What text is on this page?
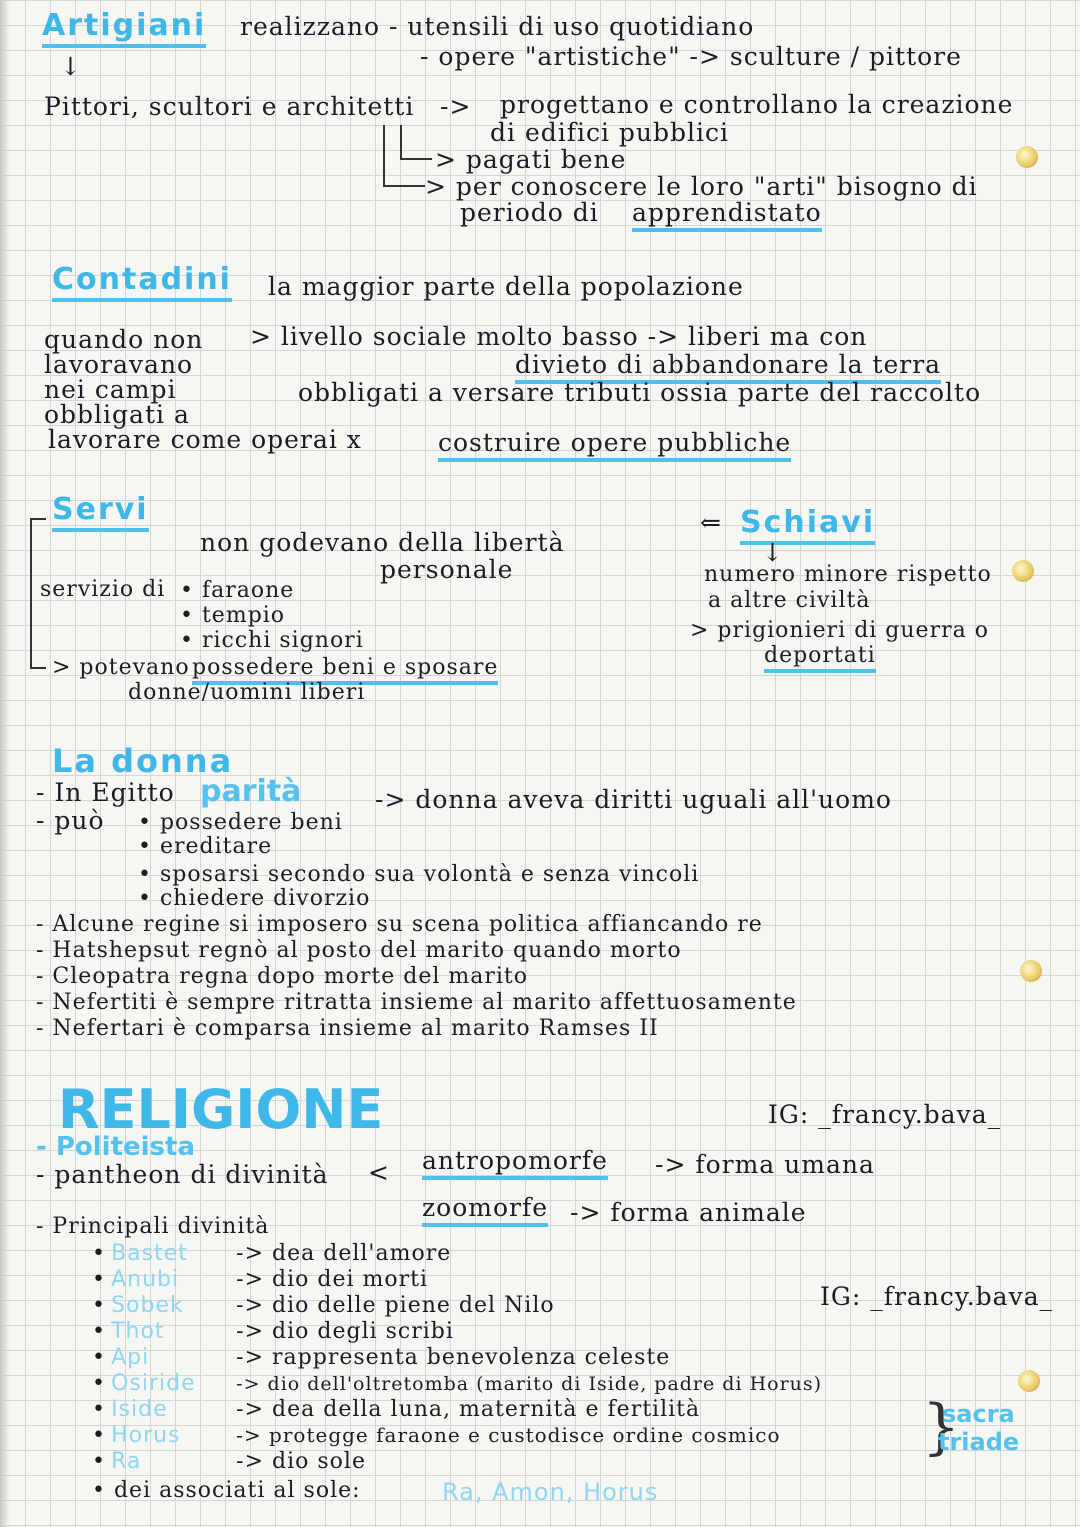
Artigiani realizzano - utensili di uso quotidiano
- opere "artistiche" -> sculture / pittore
↓
Pittori, scultori e architetti -> progettano e controllano la creazione
di edifici pubblici
> pagati bene
> per conoscere le loro "arti" bisogno di
periodo di apprendistato
Contadini la maggior parte della popolazione
> livello sociale molto basso -> liberi ma con
divieto di abbandonare la terra
quando non
lavoravano
nei campi
obbligati a
obbligati a versare tributi ossia parte del raccolto
lavorare come operai x	costruire opere pubbliche
Servi
non godevano della libertà
personale
servizio di • faraone
• tempio
• ricchi signori
> potevano possedere beni e sposare
donne/uomini liberi
Schiavi
⇐
↓
numero minore rispetto
a altre civiltà
> prigionieri di guerra o
deportati
La donna
- In Egitto parità	-> donna aveva diritti uguali all'uomo
- può • possedere beni
• ereditare
• sposarsi secondo sua volontà e senza vincoli
• chiedere divorzio
- Alcune regine si imposero su scena politica affiancando re
- Hatshepsut regnò al posto del marito quando morto
- Cleopatra regna dopo morte del marito
- Nefertiti è sempre ritratta insieme al marito affettuosamente
- Nefertari è comparsa insieme al marito Ramses II
RELIGIONE	IG: _francy.bava_
- Politeista
- pantheon di divinità	antropomorfe -> forma umana
zoomorfe -> forma animale
<
- Principali divinità
IG: _francy.bava_
• Bastet -> dea dell'amore
• Anubi	-> dio dei morti
• Sobek -> dio delle piene del Nilo
• Thot	-> dio degli scribi
• Api	-> rappresenta benevolenza celeste
• Osiride -> dio dell'oltretomba (marito di Iside, padre di Horus)
• Iside	-> dea della luna, maternità e fertilità
• Horus	-> protegge faraone e custodisce ordine cosmico
• Ra	-> dio sole	}
sacra
triade
• dei associati al sole:	Ra, Amon, Horus
